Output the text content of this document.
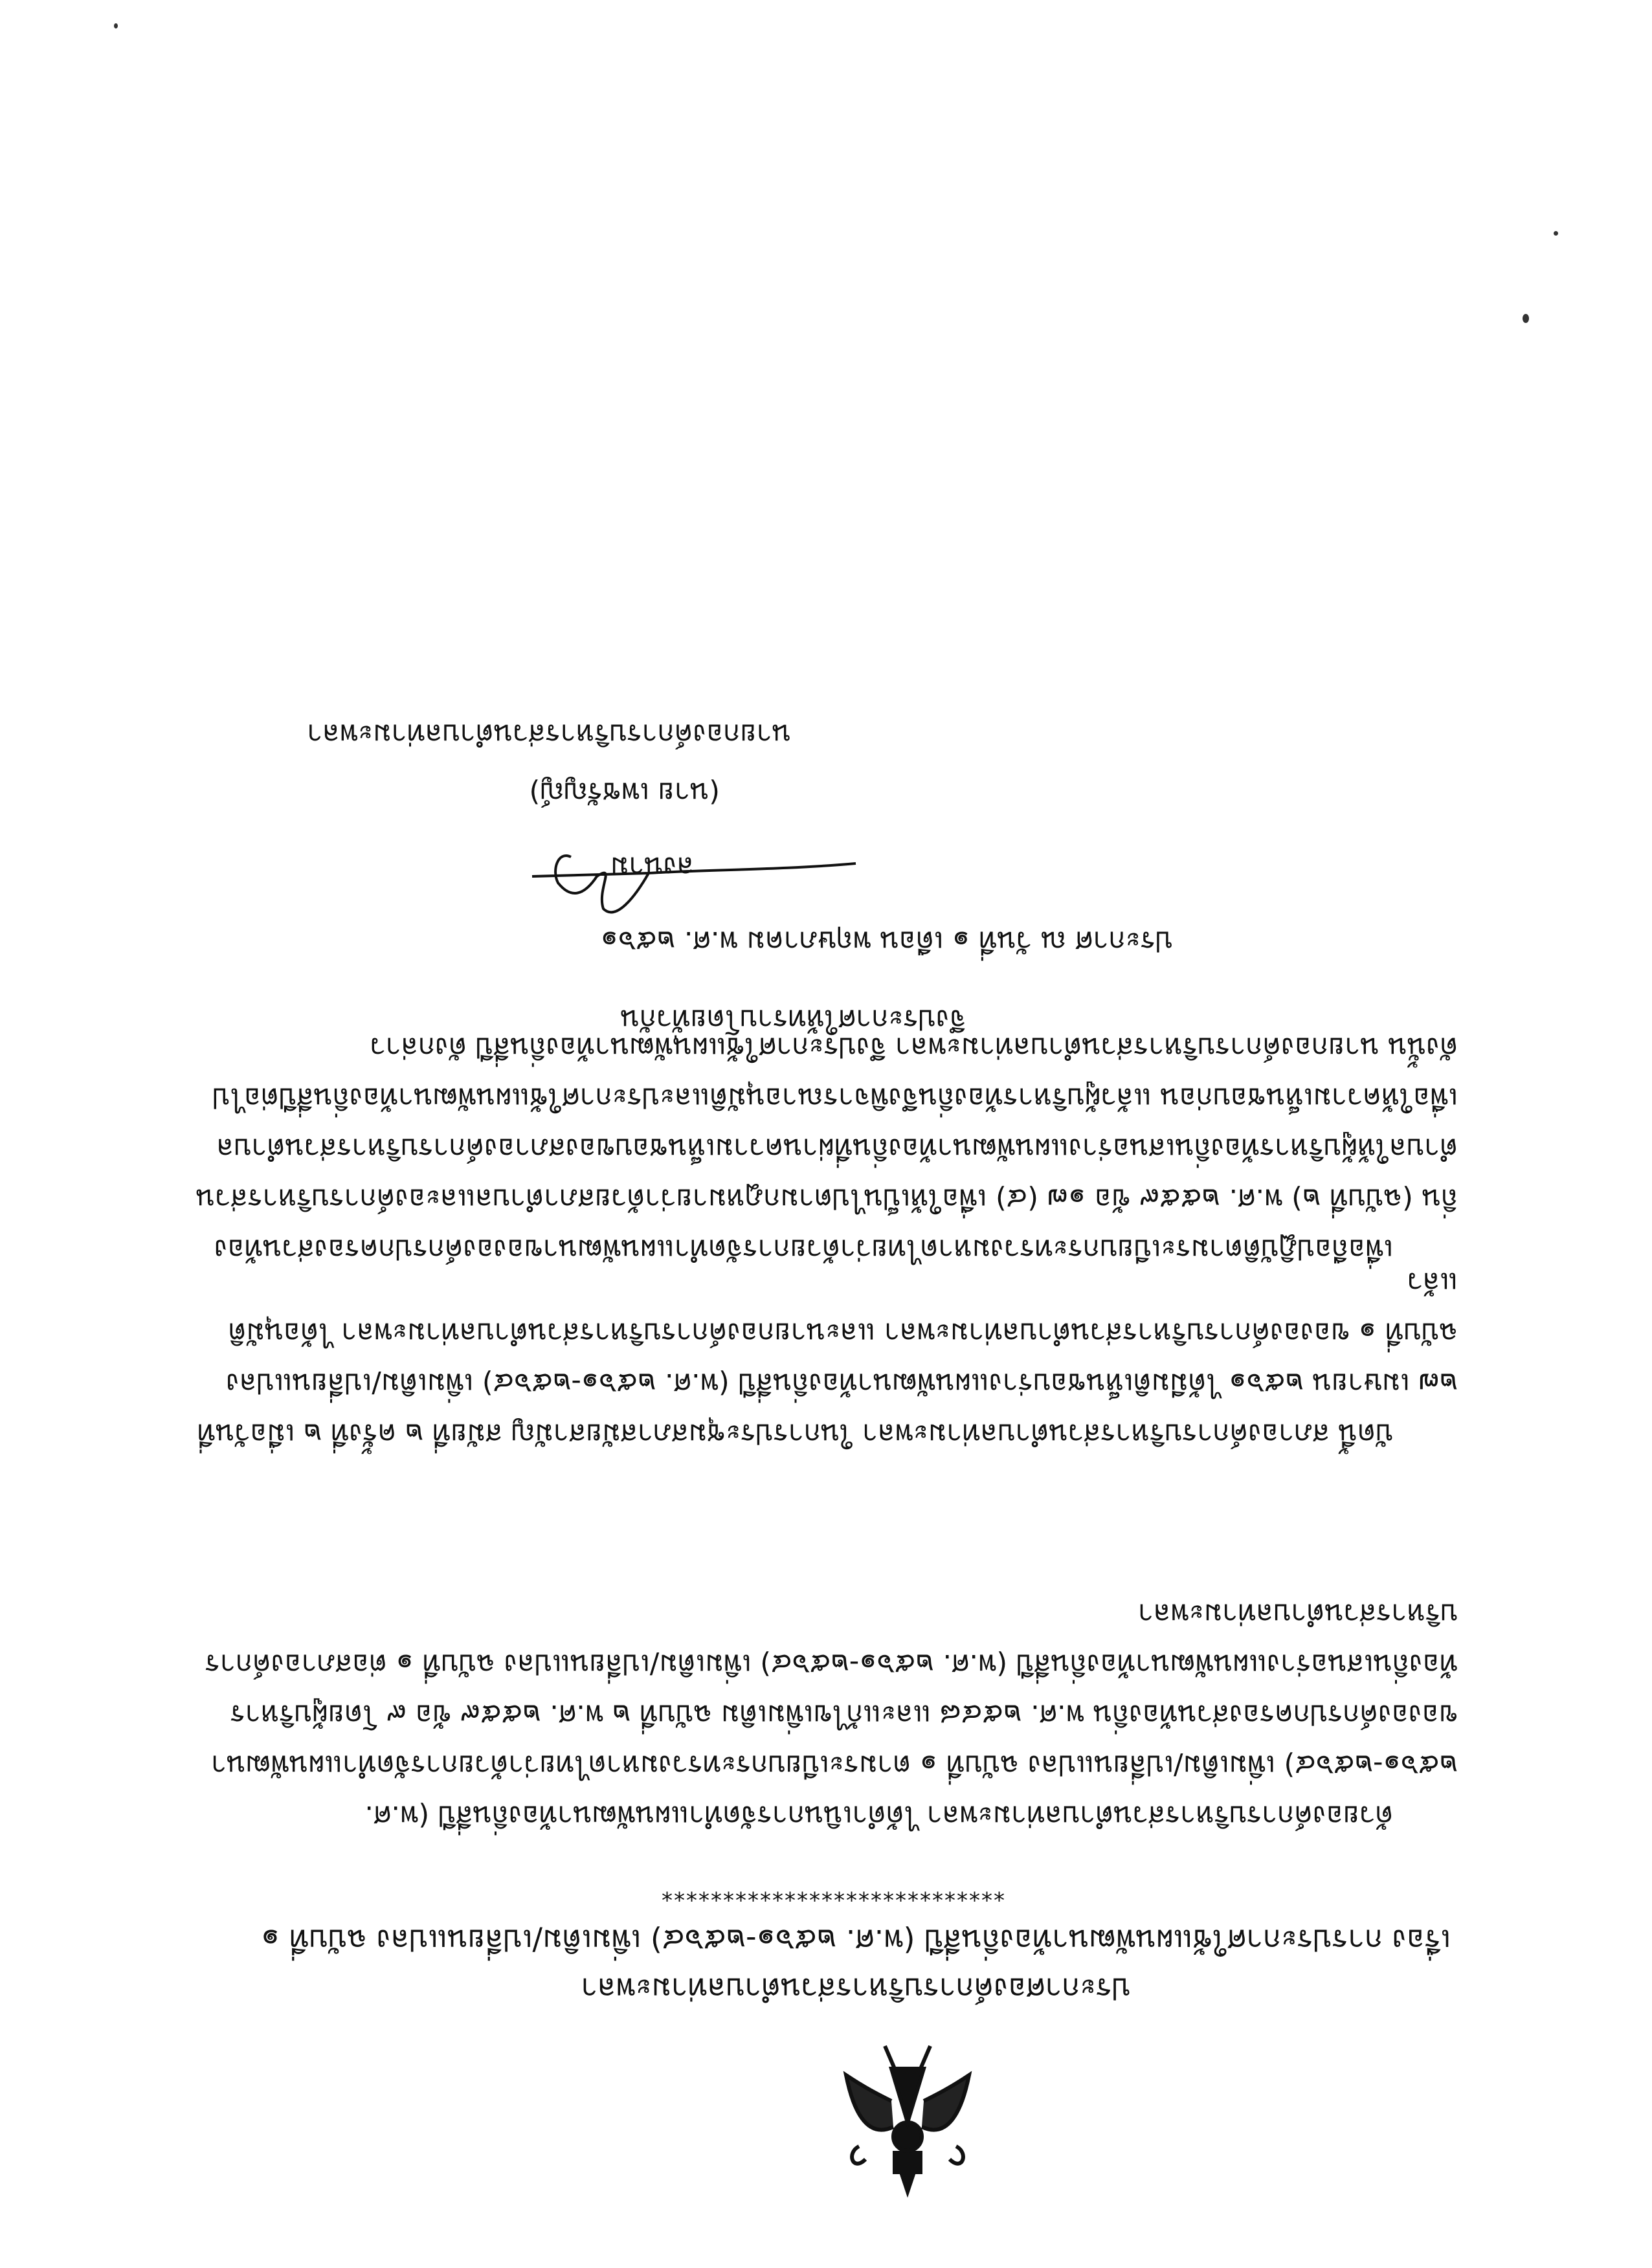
ประกาศองค์การบริหารส่วนตำบลท่ามะพลา
เรื่อง การประกาศใช้แผนพัฒนาท้องถิ่นสี่ปี (พ.ศ. ๒๕๖๑-๒๕๖๔) เพิ่มเติม/เปลี่ยนแปลง ฉบับที่ ๑
****************************
ด้วยองค์การบริหารส่วนตำบลท่ามะพลา ได้ดำเนินการจัดทำแผนพัฒนาท้องถิ่นสี่ปี (พ.ศ. ๒๕๖๑-๒๕๖๔) เพิ่มเติม/เปลี่ยนแปลง ฉบับที่ ๑ ตามระเบียบกระทรวงมหาดไทยว่าด้วยการจัดทำแผนพัฒนาขององค์กรปกครองส่วนท้องถิ่น พ.ศ. ๒๕๔๘ และแก้ไขเพิ่มเติม ฉบับที่ ๒ พ.ศ. ๒๕๕๙ ข้อ ๙ โดยผู้บริหารท้องถิ่นเสนอร่างแผนพัฒนาท้องถิ่นสี่ปี (พ.ศ. ๒๕๖๑-๒๕๖๔) เพิ่มเติม/เปลี่ยนแปลง ฉบับที่ ๑ ต่อสภาองค์การบริหารส่วนตำบลท่ามะพลา
บัดนี้ สภาองค์การบริหารส่วนตำบลท่ามะพลา ในการประชุมสภาสมัยสามัญ สมัยที่ ๒ ครั้งที่ ๒ เมื่อวันที่ ๒๗ เมษายน ๒๕๖๑ ได้มีมติเห็นชอบร่างแผนพัฒนาท้องถิ่นสี่ปี (พ.ศ. ๒๕๖๑-๒๕๖๔) เพิ่มเติม/เปลี่ยนแปลง ฉบับที่ ๑ ขององค์การบริหารส่วนตำบลท่ามะพลา และนายกองค์การบริหารส่วนตำบลท่ามะพลา ได้อนุมัติแล้ว
เพื่อถือปฏิบัติตามระเบียบกระทรวงมหาดไทยว่าด้วยการจัดทำแผนพัฒนาขององค์กรปกครองส่วนท้องถิ่น (ฉบับที่ ๒) พ.ศ. ๒๕๕๙ ข้อ ๑๗ (๔) เพื่อให้เป็นไปตามกฎหมายว่าด้วยสภาตำบลและองค์การบริหารส่วนตำบลให้ผู้บริหารท้องถิ่นเสนอร่างแผนพัฒนาท้องถิ่นที่ผ่านความเห็นชอบของสภาองค์การบริหารส่วนตำบลเพื่อให้ความเห็นชอบก่อน แล้วผู้บริหารท้องถิ่นจึงพิจารณาอนุมัติและประกาศใช้แผนพัฒนาท้องถิ่นสี่ปีต่อไป ดังนั้น นายกองค์การบริหารส่วนตำบลท่ามะพลา จึงประกาศใช้แผนพัฒนาท้องถิ่นสี่ปี ดังกล่าว
จึงประกาศให้ทราบโดยทั่วกัน
ประกาศ ณ วันที่ ๑ เดือน พฤษภาคม พ.ศ. ๒๕๖๑
ลงนาม
(นาย เพชรัญญ์)
นายกองค์การบริหารส่วนตำบลท่ามะพลา
